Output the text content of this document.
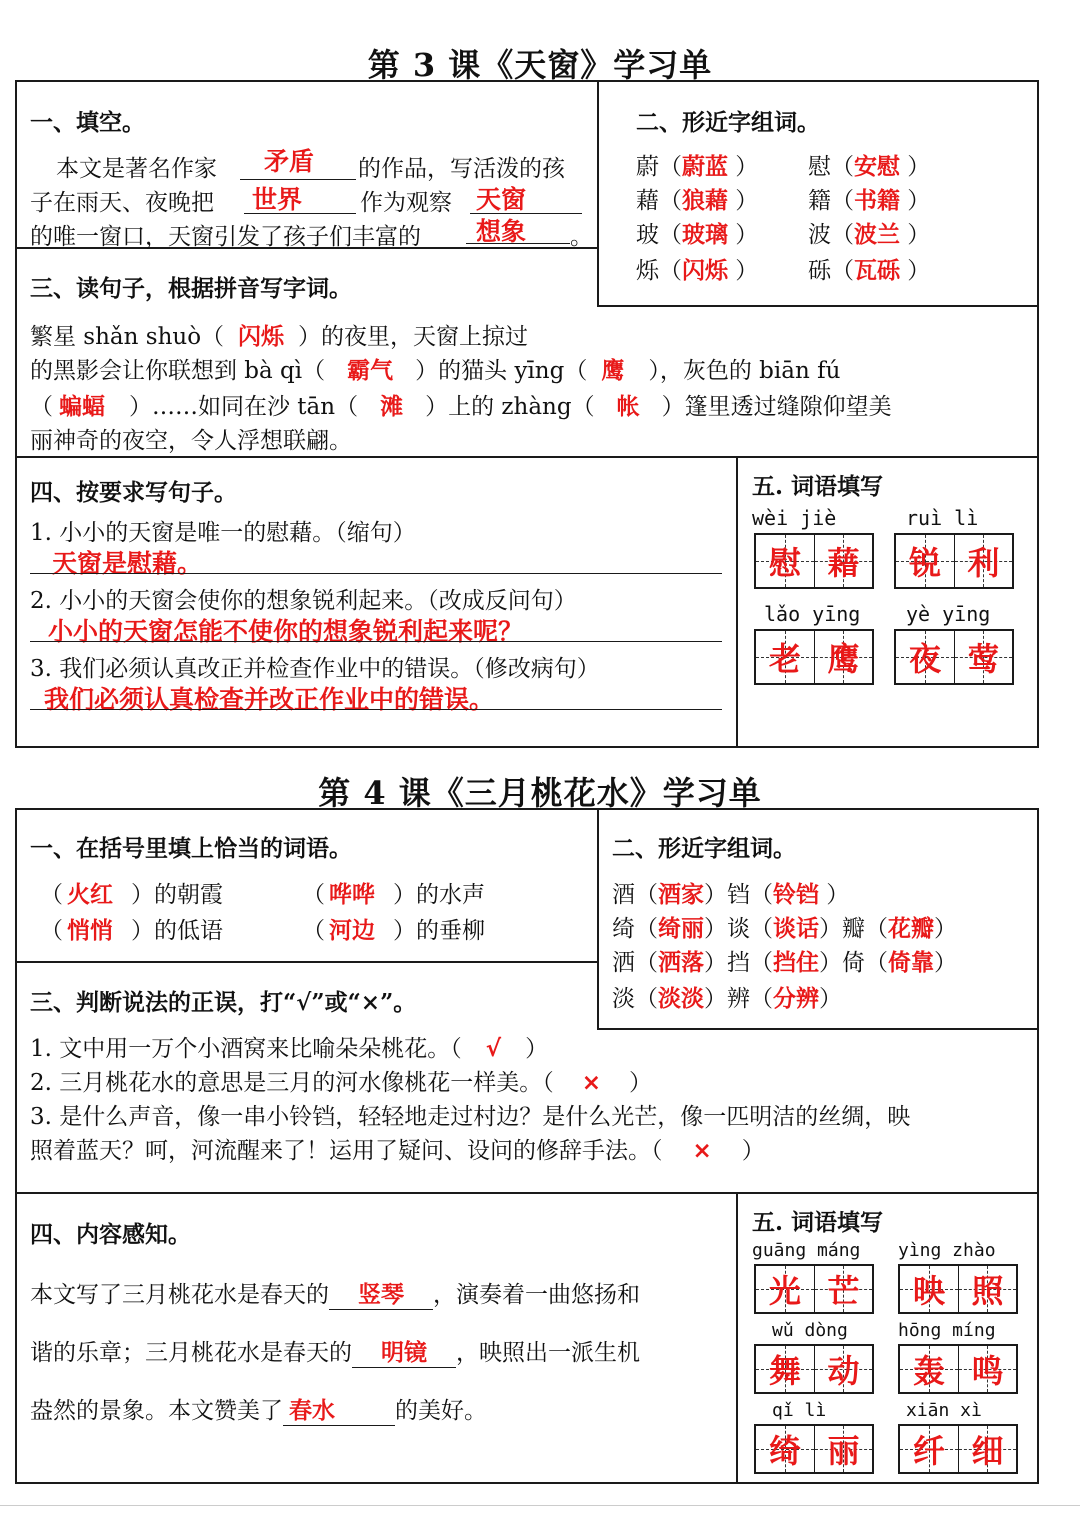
第 3 课《天窗》学习单
一、填空。
本文是著名作家 矛盾 的作品，写活泼的孩
子在雨天、夜晚把 世界	作为观察 天窗
的唯一窗口，天窗引发了孩子们丰富的 想象 。
二、形近字组词。
蔚（蔚蓝 ） 慰（安慰 ）
藉（狼藉 ） 籍（书籍 ）
玻（玻璃 ） 波（波兰 ）
烁（闪烁 ） 砾（瓦砾 ）
三、读句子，根据拼音写字词。
繁星 shǎn shuò（ 闪烁 ）的夜里，天窗上掠过
的黑影会让你联想到 bà qì（ 霸气 ）的猫头 yīng（ 鹰 ），灰色的 biān fú
（ 蝙蝠 ）……如同在沙 tān（ 滩 ）上的 zhàng（ 帐 ）篷里透过缝隙仰望美
丽神奇的夜空，令人浮想联翩。
四、按要求写句子。
1. 小小的天窗是唯一的慰藉。（缩句）
天窗是慰藉。
2. 小小的天窗会使你的想象锐利起来。（改成反问句）
小小的天窗怎能不使你的想象锐利起来呢？
3. 我们必须认真改正并检查作业中的错误。（修改病句）
我们必须认真检查并改正作业中的错误。
五. 词语填写
wèi jiè
慰 藉
ruì lì
锐 利
lǎo yīng
老 鹰
yè yīng
夜 莺
第 4 课《三月桃花水》学习单
一、在括号里填上恰当的词语。
（ 火红 ）的朝霞	（ 哗哗 ）的水声
（ 悄悄 ）的低语	（ 河边 ）的垂柳
二、形近字组词。
酒（酒家）铛（铃铛 ）
绮（绮丽）谈（谈话）瓣（花瓣）
洒（洒落）挡（挡住）倚（倚靠）
淡（淡淡）辨（分辨）
三、判断说法的正误，打“√”或“×”。
1. 文中用一万个小酒窝来比喻朵朵桃花。（ √ ）
2. 三月桃花水的意思是三月的河水像桃花一样美。（ × ）
3. 是什么声音，像一串小铃铛，轻轻地走过村边？是什么光芒，像一匹明洁的丝绸，映
照着蓝天？呵，河流醒来了！运用了疑问、设问的修辞手法。（ × ）
四、内容感知。
本文写了三月桃花水是春天的 竖琴 ，演奏着一曲悠扬和
谐的乐章；三月桃花水是春天的 明镜 ，映照出一派生机
盎然的景象。本文赞美了 春水	的美好。
五. 词语填写
guāng máng
光 芒
yìng zhào
映 照
wǔ dòng
舞 动
hōng míng
轰 鸣
qǐ lì
绮 丽
xiān xì
纤 细
